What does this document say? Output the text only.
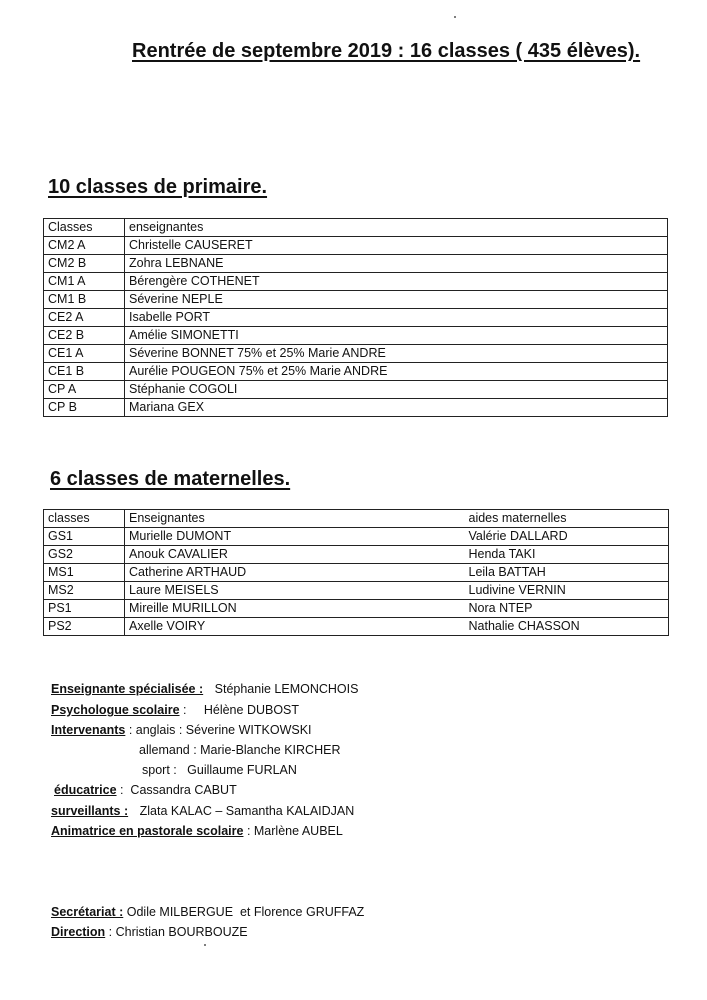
Rentrée de septembre 2019 : 16 classes ( 435 élèves).
10 classes de primaire.
Classes	enseignantes
CM2 A	Christelle CAUSERET
CM2 B	Zohra LEBNANE
CM1 A	Bérengère COTHENET
CM1 B	Séverine NEPLE
CE2 A	Isabelle PORT
CE2 B	Amélie SIMONETTI
CE1 A	Séverine BONNET 75% et 25% Marie ANDRE
CE1 B	Aurélie POUGEON 75% et 25% Marie ANDRE
CP A	Stéphanie COGOLI
CP B	Mariana GEX
6 classes de maternelles.
classes	Enseignantes	aides maternelles
GS1	Murielle DUMONT	Valérie DALLARD
GS2	Anouk CAVALIER	Henda TAKI
MS1	Catherine ARTHAUD	Leila BATTAH
MS2	Laure MEISELS	Ludivine VERNIN
PS1	Mireille MURILLON	Nora NTEP
PS2	Axelle VOIRY	Nathalie CHASSON
Enseignante spécialisée : Stéphanie LEMONCHOIS
Psychologue scolaire :     Hélène DUBOST
Intervenants : anglais : Séverine WITKOWSKI
allemand : Marie-Blanche KIRCHER
sport :   Guillaume FURLAN
éducatrice :  Cassandra CABUT
surveillants : Zlata KALAC – Samantha KALAIDJAN
Animatrice en pastorale scolaire : Marlène AUBEL
Secrétariat : Odile MILBERGUE  et Florence GRUFFAZ
Direction : Christian BOURBOUZE
